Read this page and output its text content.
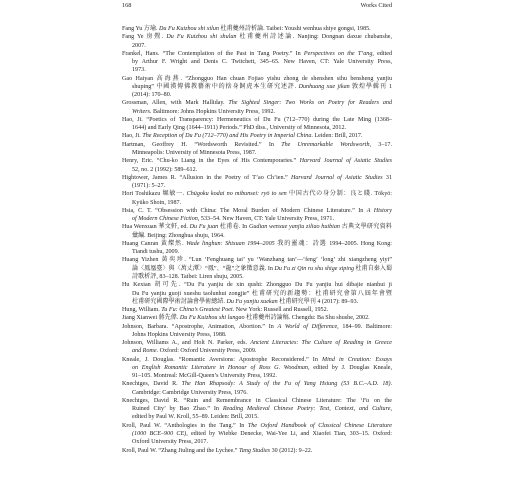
168	Works Cited
Fang Yu 方瑜. Du Fu Kuizhou shi xilun 杜甫夔州詩析論. Taibei: Youshi wenhua shiye gongsi, 1985.
Fang Ye 房鷪. Du Fu Kuizhou shi shulun 杜甫夔州詩述論. Nanjing: Dongnan daxue chubanshe,
2007.
Frankel, Hans. “The Contemplation of the Past in Tang Poetry.” In Perspectives on the T’ang, edited
by Arthur F. Wright and Denis C. Twitchett, 345–65. New Haven, CT: Yale University Press,
1973.
Gao Haiyan 高海燕. “Zhongguo Han chuan Fojiao yishu zhong de shenshen sihu bensheng yanjiu
shuping” 中國漢傳佛教藝術中的捨身飼虎本生研究述評. Dunhuang xue jikan 敦煌學輯刊 1
(2014): 170–80.
Grossman, Allen, with Mark Halliday. The Sighted Singer: Two Works on Poetry for Readers and
Writers. Baltimore: Johns Hopkins University Press, 1992.
Hao, Ji. “Poetics of Transparency: Hermeneutics of Du Fu (712–770) during the Late Ming (1368–
1644) and Early Qing (1644–1911) Periods.” PhD diss., University of Minnesota, 2012.
Hao, Ji. The Reception of Du Fu (712–770) and His Poetry in Imperial China. Leiden: Brill, 2017.
Hartman, Geoffrey H. “Wordsworth Revisited.” In The Unremarkable Wordsworth, 3–17.
Minneapolis: University of Minnesota Press, 1987.
Henry, Eric. “Chu-ko Liang in the Eyes of His Contemporaries.” Harvard Journal of Asiatic Studies
52, no. 2 (1992): 589–612.
Hightower, James R. “Allusion in the Poetry of T’ao Ch’ien.” Harvard Journal of Asiatic Studies 31
(1971): 5–27.
Hori Toshikazu 堀敏一. Chūgoku kodai no mibunsei: ryō to sen 中国古代の身分制：良と賤. Tōkyō:
Kyūko Shoin, 1987.
Hsia, C. T. “Obsession with China: The Moral Burden of Modern Chinese Literature.” In A History
of Modern Chinese Fiction, 533–54. New Haven, CT: Yale University Press, 1971.
Hua Wenxuan 華文軒, ed. Du Fu juan 杜甫卷. In Gudian wenxue yanjiu ziliao huibian 古典文學研究資料
彙編. Beijing: Zhonghua shuju, 1964.
Huang Canran 黃燦然. Wade linghun: Shixuan 1994–2005 我的靈魂：詩選 1994–2005. Hong Kong:
Tiandi tushu, 2009.
Huang Yizhen 黃奕珍. “Lun ‘Fenghuang tai’ yu ‘Wanzhang tan’—‘feng’ ‘long’ zhi xiangzheng yiyi”
論〈鳳凰臺〉與〈萬丈潭〉“鳳”、“龍”之象徵意義. In Du Fu zi Qin ru shu shige xiping 杜甫自秦入蜀
詩歌析評, 83–128. Taibei: Liren shuju, 2005.
Hu Kexian 胡可先. “Du Fu yanjiu de xin qushi: Zhongguo Du Fu yanjiu hui dibajie nianhui ji
Du Fu yanjiu guoji xueshu taolunhui zongjie” 杜甫研究的新趨勢：杜甫研究會第八屆年會暨
杜甫研究國際學術討論會學術總結. Du Fu yanjiu xuekan 杜甫研究學刊 4 (2017): 89–93.
Hung, William. Tu Fu: China’s Greatest Poet. New York: Russell and Russell, 1952.
Jiang Xianwei 蔣先偉. Du Fu Kuizhou shi lungao 杜甫夔州詩論稿. Chengdu: Ba Shu shushe, 2002.
Johnson, Barbara. “Apostrophe, Animation, Abortion.” In A World of Difference, 184–99. Baltimore:
Johns Hopkins University Press, 1988.
Johnson, Williams A., and Holt N. Parker, eds. Ancient Literacies: The Culture of Reading in Greece
and Rome. Oxford: Oxford University Press, 2009.
Kneale, J. Douglas. “Romantic Aversions: Apostrophe Reconsidered.” In Mind in Creation: Essays
on English Romantic Literature in Honour of Ross G. Woodman, edited by J. Douglas Kneale,
91–105. Montreal: McGill-Queen’s University Press, 1992.
Knechtges, David R. The Han Rhapsody: A Study of the Fu of Yang Hsiung (53 B.C.–A.D. 18).
Cambridge: Cambridge University Press, 1976.
Knechtges, David R. “Ruin and Remembrance in Classical Chinese Literature: The ‘Fu on the
Ruined City’ by Bao Zhao.” In Reading Medieval Chinese Poetry: Text, Context, and Culture,
edited by Paul W. Kroll, 55–89. Leiden: Brill, 2015.
Kroll, Paul W. “Anthologies in the Tang.” In The Oxford Handbook of Classical Chinese Literature
(1000 BCE–900 CE), edited by Wiebke Denecke, Wai-Yee Li, and Xiaofei Tian, 303–15. Oxford:
Oxford University Press, 2017.
Kroll, Paul W. “Zhang Jiuling and the Lychee.” Tang Studies 30 (2012): 9–22.
